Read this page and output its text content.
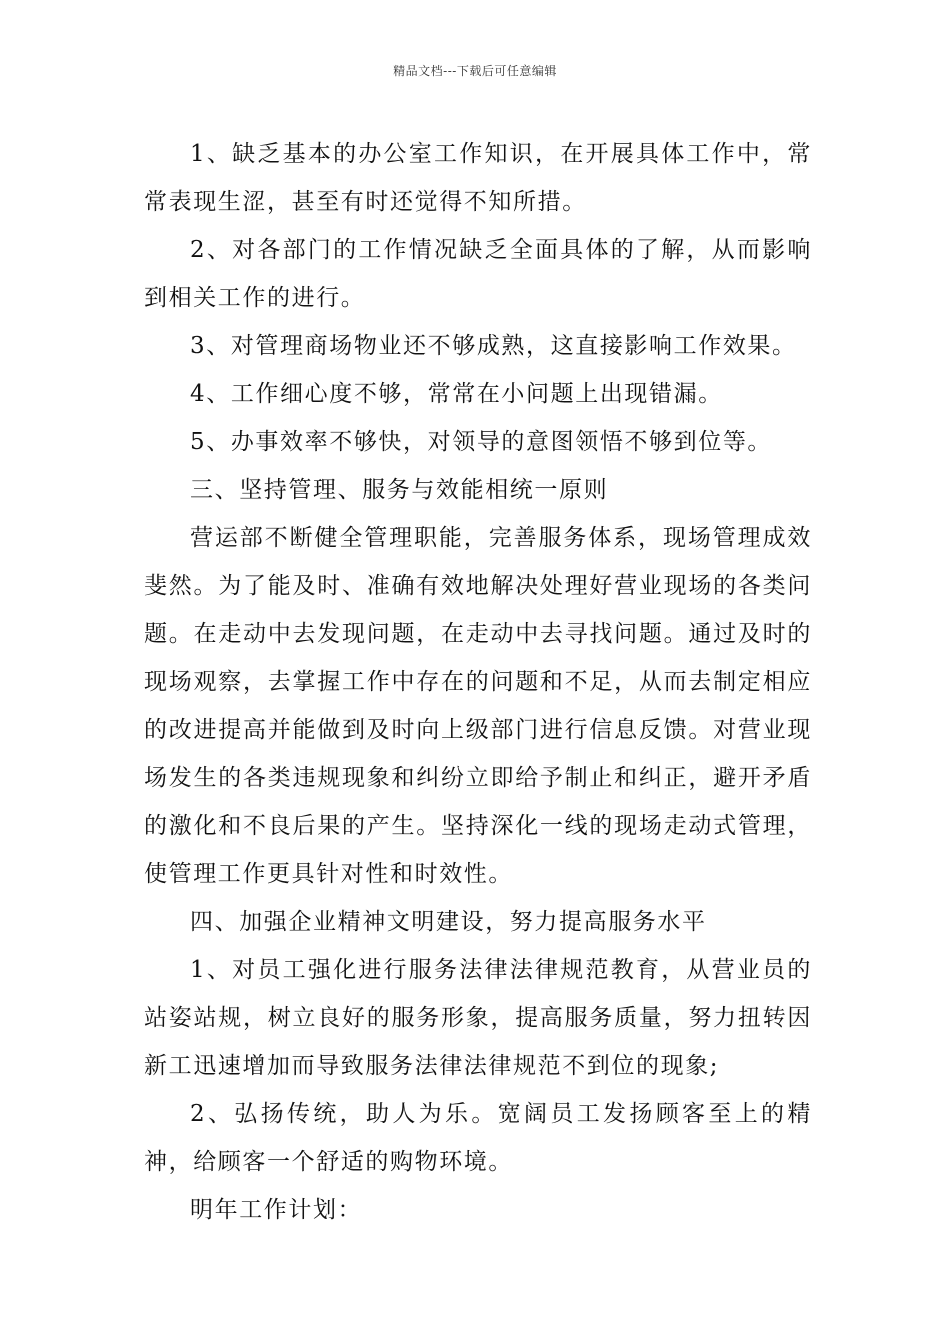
精品文档---下载后可任意编辑

1、缺乏基本的办公室工作知识，在开展具体工作中，常常表现生涩，甚至有时还觉得不知所措。

2、对各部门的工作情况缺乏全面具体的了解，从而影响到相关工作的进行。

3、对管理商场物业还不够成熟，这直接影响工作效果。

4、工作细心度不够，常常在小问题上出现错漏。

5、办事效率不够快，对领导的意图领悟不够到位等。

三、坚持管理、服务与效能相统一原则

营运部不断健全管理职能，完善服务体系，现场管理成效斐然。为了能及时、准确有效地解决处理好营业现场的各类问题。在走动中去发现问题，在走动中去寻找问题。通过及时的现场观察，去掌握工作中存在的问题和不足，从而去制定相应的改进提高并能做到及时向上级部门进行信息反馈。对营业现场发生的各类违规现象和纠纷立即给予制止和纠正，避开矛盾的激化和不良后果的产生。坚持深化一线的现场走动式管理，使管理工作更具针对性和时效性。

四、加强企业精神文明建设，努力提高服务水平

1、对员工强化进行服务法律法律规范教育，从营业员的站姿站规，树立良好的服务形象，提高服务质量，努力扭转因新工迅速增加而导致服务法律法律规范不到位的现象;

2、弘扬传统，助人为乐。宽阔员工发扬顾客至上的精神，给顾客一个舒适的购物环境。

明年工作计划：
